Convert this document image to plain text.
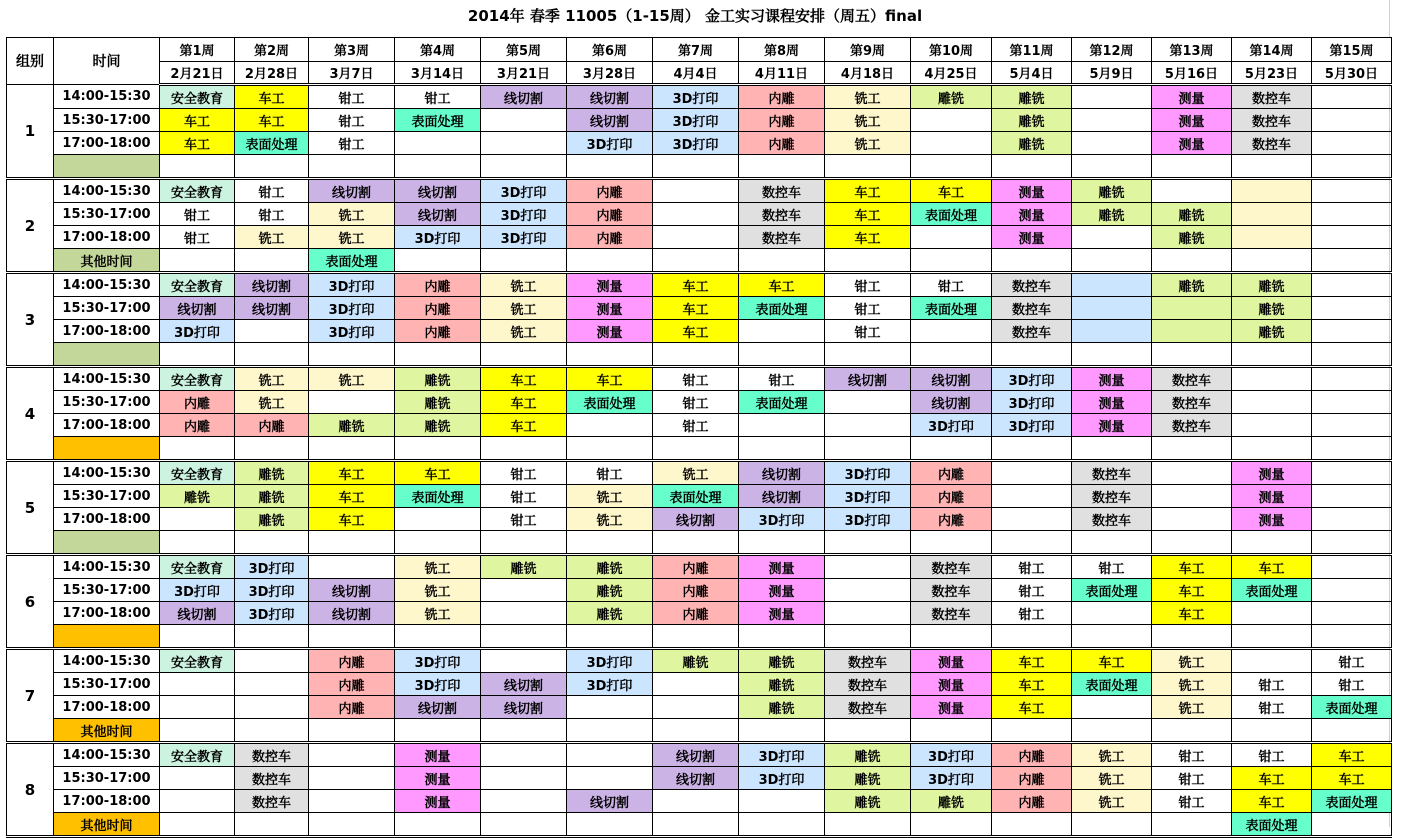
2014年 春季 11005（1-15周） 金工实习课程安排（周五）final
组别	时间	第1周	第2周	第3周	第4周	第5周	第6周	第7周	第8周	第9周	第10周	第11周	第12周	第13周	第14周	第15周
		2月21日	2月28日	3月7日	3月14日	3月21日	3月28日	4月4日	4月11日	4月18日	4月25日	5月4日	5月9日	5月16日	5月23日	5月30日
1	14:00-15:30	安全教育	车工	钳工	钳工	线切割	线切割	3D打印	内雕	铣工	雕铣	雕铣		测量	数控车	
	15:30-17:00	车工	车工	钳工	表面处理		线切割	3D打印	内雕	铣工		雕铣		测量	数控车	
	17:00-18:00	车工	表面处理	钳工			3D打印	3D打印	内雕	铣工		雕铣		测量	数控车	

2	14:00-15:30	安全教育	钳工	线切割	线切割	3D打印	内雕		数控车	车工	车工	测量	雕铣			
	15:30-17:00	钳工	钳工	铣工	线切割	3D打印	内雕		数控车	车工	表面处理	测量	雕铣	雕铣		
	17:00-18:00	钳工	铣工	铣工	3D打印	3D打印	内雕		数控车	车工		测量		雕铣		
	其他时间			表面处理												
3	14:00-15:30	安全教育	线切割	3D打印	内雕	铣工	测量	车工	车工	钳工	钳工	数控车		雕铣	雕铣	
	15:30-17:00	线切割	线切割	3D打印	内雕	铣工	测量	车工	表面处理	钳工	表面处理	数控车			雕铣	
	17:00-18:00	3D打印		3D打印	内雕	铣工	测量	车工		钳工		数控车			雕铣	

4	14:00-15:30	安全教育	铣工	铣工	雕铣	车工	车工	钳工	钳工	线切割	线切割	3D打印	测量	数控车		
	15:30-17:00	内雕	铣工		雕铣	车工	表面处理	钳工	表面处理		线切割	3D打印	测量	数控车		
	17:00-18:00	内雕	内雕	雕铣	雕铣	车工		钳工			3D打印	3D打印	测量	数控车		

5	14:00-15:30	安全教育	雕铣	车工	车工	钳工	钳工	铣工	线切割	3D打印	内雕		数控车		测量	
	15:30-17:00	雕铣	雕铣	车工	表面处理	钳工	铣工	表面处理	线切割	3D打印	内雕		数控车		测量	
	17:00-18:00		雕铣	车工		钳工	铣工	线切割	3D打印	3D打印	内雕		数控车		测量	

6	14:00-15:30	安全教育	3D打印		铣工	雕铣	雕铣	内雕	测量		数控车	钳工	钳工	车工	车工	
	15:30-17:00	3D打印	3D打印	线切割	铣工		雕铣	内雕	测量		数控车	钳工	表面处理	车工	表面处理	
	17:00-18:00	线切割	3D打印	线切割	铣工		雕铣	内雕	测量		数控车	钳工		车工		

7	14:00-15:30	安全教育		内雕	3D打印		3D打印	雕铣	雕铣	数控车	测量	车工	车工	铣工		钳工
	15:30-17:00			内雕	3D打印	线切割	3D打印		雕铣	数控车	测量	车工	表面处理	铣工	钳工	钳工
	17:00-18:00			内雕	线切割	线切割			雕铣	数控车	测量	车工		铣工	钳工	表面处理
	其他时间															
8	14:00-15:30	安全教育	数控车		测量			线切割	3D打印	雕铣	3D打印	内雕	铣工	钳工	钳工	车工
	15:30-17:00		数控车		测量			线切割	3D打印	雕铣	3D打印	内雕	铣工	钳工	车工	车工
	17:00-18:00		数控车		测量		线切割			雕铣	雕铣	内雕	铣工	钳工	车工	表面处理
	其他时间														表面处理	
